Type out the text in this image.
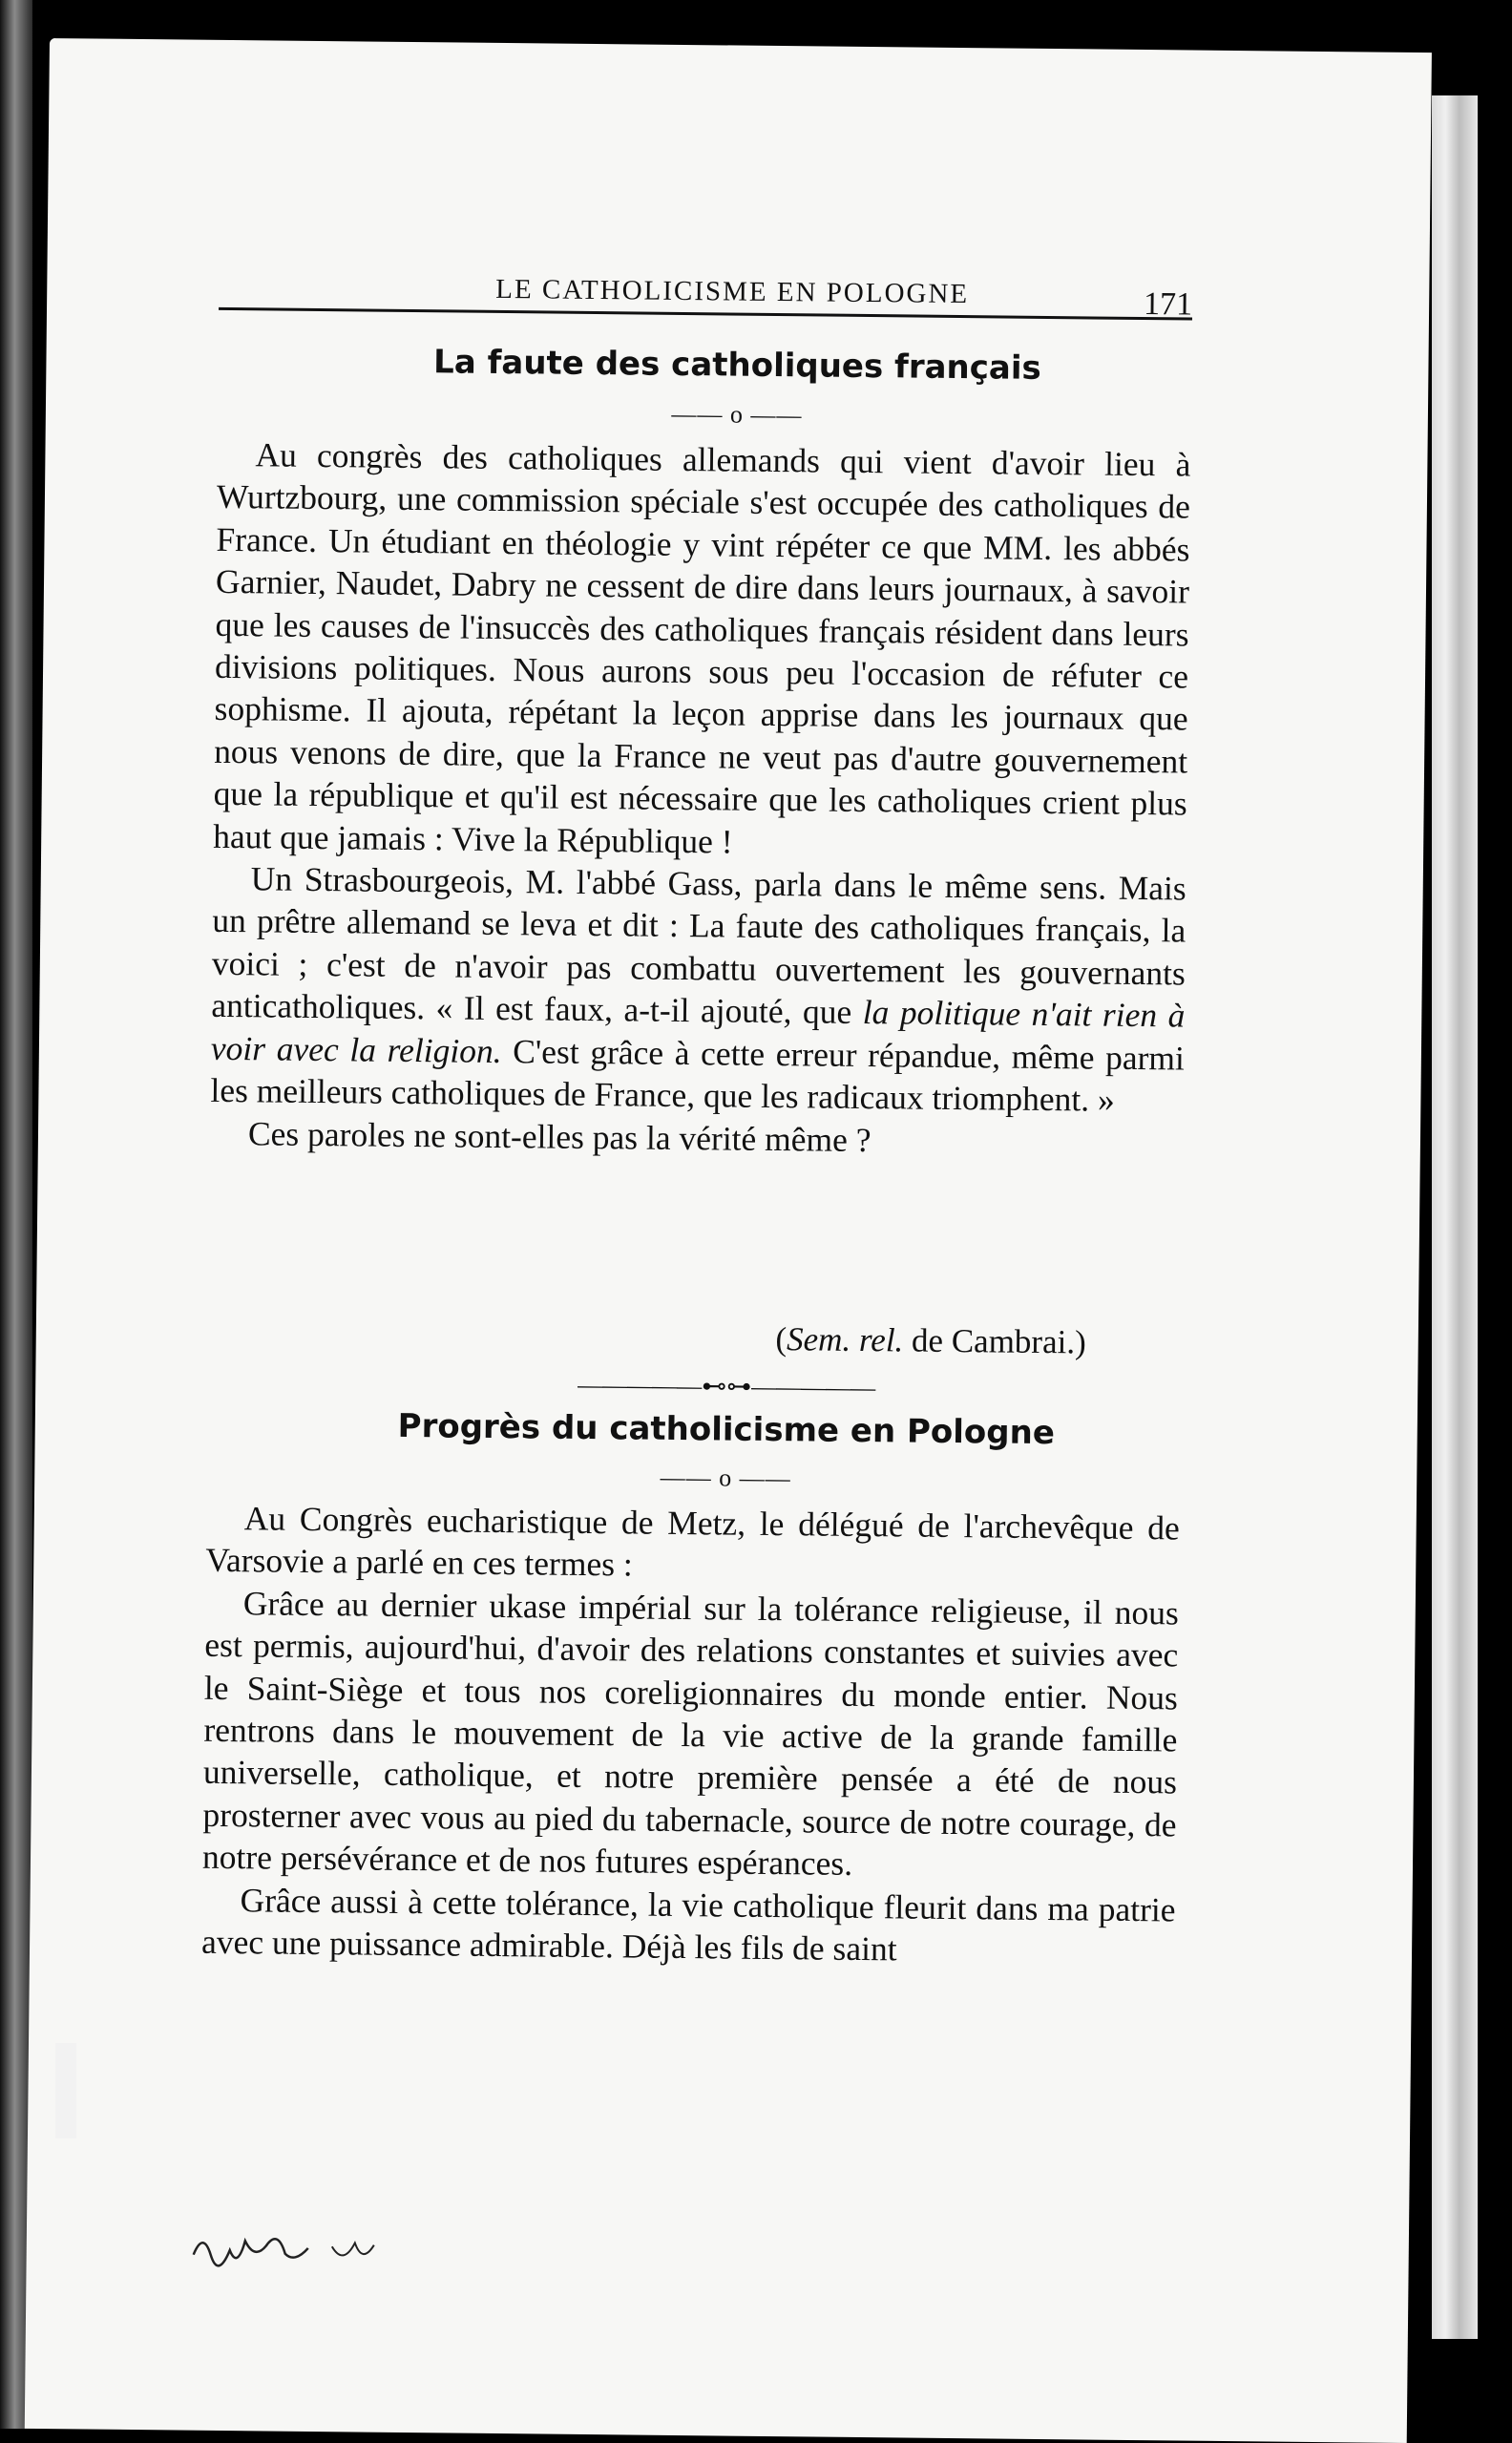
LE CATHOLICISME EN POLOGNE	171
La faute des catholiques français
—— o ——

Au congrès des catholiques allemands qui vient d'avoir lieu à Wurtzbourg, une commission spéciale s'est occupée des catholiques de France. Un étudiant en théologie y vint répéter ce que MM. les abbés Garnier, Naudet, Dabry ne cessent de dire dans leurs journaux, à savoir que les causes de l'insuccès des catholiques français résident dans leurs divisions politiques. Nous aurons sous peu l'occasion de réfuter ce sophisme. Il ajouta, répétant la leçon apprise dans les journaux que nous venons de dire, que la France ne veut pas d'autre gouvernement que la république et qu'il est nécessaire que les catholiques crient plus haut que jamais : Vive la République !

Un Strasbourgeois, M. l'abbé Gass, parla dans le même sens. Mais un prêtre allemand se leva et dit : La faute des catholiques français, la voici ; c'est de n'avoir pas combattu ouvertement les gouvernants anticatholiques. « Il est faux, a-t-il ajouté, que la politique n'ait rien à voir avec la religion. C'est grâce à cette erreur répandue, même parmi les meilleurs catholiques de France, que les radicaux triomphent. »

Ces paroles ne sont-elles pas la vérité même ?

(Sem. rel. de Cambrai.)
—————⊷⊶—————
Progrès du catholicisme en Pologne
—— o ——

Au Congrès eucharistique de Metz, le délégué de l'archevêque de Varsovie a parlé en ces termes :

Grâce au dernier ukase impérial sur la tolérance religieuse, il nous est permis, aujourd'hui, d'avoir des relations constantes et suivies avec le Saint-Siège et tous nos coreligionnaires du monde entier. Nous rentrons dans le mouvement de la vie active de la grande famille universelle, catholique, et notre première pensée a été de nous prosterner avec vous au pied du tabernacle, source de notre courage, de notre persévérance et de nos futures espérances.

Grâce aussi à cette tolérance, la vie catholique fleurit dans ma patrie avec une puissance admirable. Déjà les fils de saint
